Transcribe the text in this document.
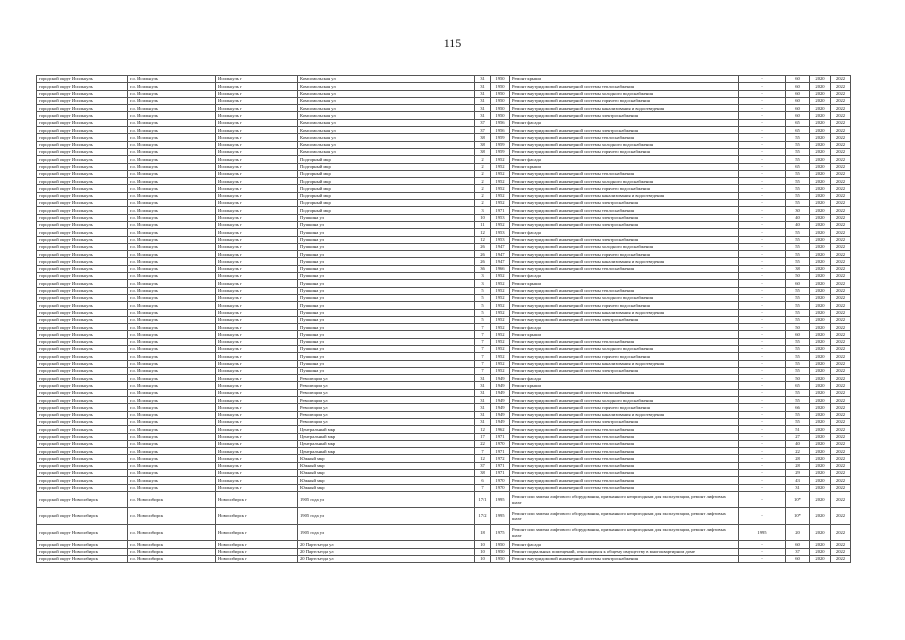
115
городской округ Исилькуль	г.о. Исилькуль	Исилькуль г	Комсомольская ул	31	1950	Ремонт крыши	-	60	2020	2022
городской округ Исилькуль	г.о. Исилькуль	Исилькуль г	Комсомольская ул	31	1950	Ремонт внутридомовой инженерной системы теплоснабжения	-	60	2020	2022
городской округ Исилькуль	г.о. Исилькуль	Исилькуль г	Комсомольская ул	31	1950	Ремонт внутридомовой инженерной системы холодного водоснабжения	-	60	2020	2022
городской округ Исилькуль	г.о. Исилькуль	Исилькуль г	Комсомольская ул	31	1950	Ремонт внутридомовой инженерной системы горячего водоснабжения	-	60	2020	2022
городской округ Исилькуль	г.о. Исилькуль	Исилькуль г	Комсомольская ул	31	1950	Ремонт внутридомовой инженерной системы канализования и водоотведения	-	60	2020	2022
городской округ Исилькуль	г.о. Исилькуль	Исилькуль г	Комсомольская ул	31	1950	Ремонт внутридомовой инженерной системы электроснабжения	-	60	2020	2022
городской округ Исилькуль	г.о. Исилькуль	Исилькуль г	Комсомольская ул	37	1956	Ремонт фасада	-	65	2020	2022
городской округ Исилькуль	г.о. Исилькуль	Исилькуль г	Комсомольская ул	37	1956	Ремонт внутридомовой инженерной системы электроснабжения	-	65	2020	2022
городской округ Исилькуль	г.о. Исилькуль	Исилькуль г	Комсомольская ул	38	1959	Ремонт внутридомовой инженерной системы теплоснабжения	-	55	2020	2022
городской округ Исилькуль	г.о. Исилькуль	Исилькуль г	Комсомольская ул	38	1959	Ремонт внутридомовой инженерной системы холодного водоснабжения	-	55	2020	2022
городской округ Исилькуль	г.о. Исилькуль	Исилькуль г	Комсомольская ул	38	1959	Ремонт внутридомовой инженерной системы горячего водоснабжения	-	55	2020	2022
городской округ Исилькуль	г.о. Исилькуль	Исилькуль г	Подгорный мкр	2	1952	Ремонт фасада	-	55	2020	2022
городской округ Исилькуль	г.о. Исилькуль	Исилькуль г	Подгорный мкр	2	1952	Ремонт крыши	-	65	2020	2022
городской округ Исилькуль	г.о. Исилькуль	Исилькуль г	Подгорный мкр	2	1952	Ремонт внутридомовой инженерной системы теплоснабжения	-	55	2020	2022
городской округ Исилькуль	г.о. Исилькуль	Исилькуль г	Подгорный мкр	2	1952	Ремонт внутридомовой инженерной системы холодного водоснабжения	-	55	2020	2022
городской округ Исилькуль	г.о. Исилькуль	Исилькуль г	Подгорный мкр	2	1952	Ремонт внутридомовой инженерной системы горячего водоснабжения	-	55	2020	2022
городской округ Исилькуль	г.о. Исилькуль	Исилькуль г	Подгорный мкр	2	1952	Ремонт внутридомовой инженерной системы канализования и водоотведения	-	55	2020	2022
городской округ Исилькуль	г.о. Исилькуль	Исилькуль г	Подгорный мкр	2	1952	Ремонт внутридомовой инженерной системы электроснабжения	-	55	2020	2022
городской округ Исилькуль	г.о. Исилькуль	Исилькуль г	Подгорный мкр	3	1971	Ремонт внутридомовой инженерной системы теплоснабжения	-	30	2020	2022
городской округ Исилькуль	г.о. Исилькуль	Исилькуль г	Пушкина ул	10	1953	Ремонт внутридомовой инженерной системы электроснабжения	-	40	2020	2022
городской округ Исилькуль	г.о. Исилькуль	Исилькуль г	Пушкина ул	11	1952	Ремонт внутридомовой инженерной системы электроснабжения	-	40	2020	2022
городской округ Исилькуль	г.о. Исилькуль	Исилькуль г	Пушкина ул	12	1953	Ремонт фасада	-	55	2020	2022
городской округ Исилькуль	г.о. Исилькуль	Исилькуль г	Пушкина ул	12	1953	Ремонт внутридомовой инженерной системы электроснабжения	-	55	2020	2022
городской округ Исилькуль	г.о. Исилькуль	Исилькуль г	Пушкина ул	26	1947	Ремонт внутридомовой инженерной системы холодного водоснабжения	-	55	2020	2022
городской округ Исилькуль	г.о. Исилькуль	Исилькуль г	Пушкина ул	26	1947	Ремонт внутридомовой инженерной системы горячего водоснабжения	-	55	2020	2022
городской округ Исилькуль	г.о. Исилькуль	Исилькуль г	Пушкина ул	26	1947	Ремонт внутридомовой инженерной системы канализования и водоотведения	-	55	2020	2022
городской округ Исилькуль	г.о. Исилькуль	Исилькуль г	Пушкина ул	36	1966	Ремонт внутридомовой инженерной системы теплоснабжения	-	38	2020	2022
городской округ Исилькуль	г.о. Исилькуль	Исилькуль г	Пушкина ул	3	1952	Ремонт фасада	-	50	2020	2022
городской округ Исилькуль	г.о. Исилькуль	Исилькуль г	Пушкина ул	3	1952	Ремонт крыши	-	60	2020	2022
городской округ Исилькуль	г.о. Исилькуль	Исилькуль г	Пушкина ул	5	1952	Ремонт внутридомовой инженерной системы теплоснабжения	-	55	2020	2022
городской округ Исилькуль	г.о. Исилькуль	Исилькуль г	Пушкина ул	5	1952	Ремонт внутридомовой инженерной системы холодного водоснабжения	-	55	2020	2022
городской округ Исилькуль	г.о. Исилькуль	Исилькуль г	Пушкина ул	5	1952	Ремонт внутридомовой инженерной системы горячего водоснабжения	-	55	2020	2022
городской округ Исилькуль	г.о. Исилькуль	Исилькуль г	Пушкина ул	5	1952	Ремонт внутридомовой инженерной системы канализования и водоотведения	-	55	2020	2022
городской округ Исилькуль	г.о. Исилькуль	Исилькуль г	Пушкина ул	5	1952	Ремонт внутридомовой инженерной системы электроснабжения	-	55	2020	2022
городской округ Исилькуль	г.о. Исилькуль	Исилькуль г	Пушкина ул	7	1952	Ремонт фасада	-	50	2020	2022
городской округ Исилькуль	г.о. Исилькуль	Исилькуль г	Пушкина ул	7	1952	Ремонт крыши	-	60	2020	2022
городской округ Исилькуль	г.о. Исилькуль	Исилькуль г	Пушкина ул	7	1952	Ремонт внутридомовой инженерной системы теплоснабжения	-	55	2020	2022
городской округ Исилькуль	г.о. Исилькуль	Исилькуль г	Пушкина ул	7	1952	Ремонт внутридомовой инженерной системы холодного водоснабжения	-	55	2020	2022
городской округ Исилькуль	г.о. Исилькуль	Исилькуль г	Пушкина ул	7	1952	Ремонт внутридомовой инженерной системы горячего водоснабжения	-	55	2020	2022
городской округ Исилькуль	г.о. Исилькуль	Исилькуль г	Пушкина ул	7	1952	Ремонт внутридомовой инженерной системы канализования и водоотведения	-	55	2020	2022
городской округ Исилькуль	г.о. Исилькуль	Исилькуль г	Пушкина ул	7	1952	Ремонт внутридомовой инженерной системы электроснабжения	-	55	2020	2022
городской округ Исилькуль	г.о. Исилькуль	Исилькуль г	Революции ул	31	1949	Ремонт фасада	-	50	2020	2022
городской округ Исилькуль	г.о. Исилькуль	Исилькуль г	Революции ул	31	1949	Ремонт крыши	-	65	2020	2022
городской округ Исилькуль	г.о. Исилькуль	Исилькуль г	Революции ул	31	1949	Ремонт внутридомовой инженерной системы теплоснабжения	-	55	2020	2022
городской округ Исилькуль	г.о. Исилькуль	Исилькуль г	Революции ул	31	1949	Ремонт внутридомовой инженерной системы холодного водоснабжения	-	55	2020	2022
городской округ Исилькуль	г.о. Исилькуль	Исилькуль г	Революции ул	31	1949	Ремонт внутридомовой инженерной системы горячего водоснабжения	-	66	2020	2022
городской округ Исилькуль	г.о. Исилькуль	Исилькуль г	Революции ул	31	1949	Ремонт внутридомовой инженерной системы канализования и водоотведения	-	55	2020	2022
городской округ Исилькуль	г.о. Исилькуль	Исилькуль г	Революции ул	31	1949	Ремонт внутридомовой инженерной системы электроснабжения	-	55	2020	2022
городской округ Исилькуль	г.о. Исилькуль	Исилькуль г	Центральный мкр	12	1962	Ремонт внутридомовой инженерной системы теплоснабжения	-	51	2020	2022
городской округ Исилькуль	г.о. Исилькуль	Исилькуль г	Центральный мкр	17	1971	Ремонт внутридомовой инженерной системы теплоснабжения	-	27	2020	2022
городской округ Исилькуль	г.о. Исилькуль	Исилькуль г	Центральный мкр	22	1970	Ремонт внутридомовой инженерной системы теплоснабжения	-	40	2020	2022
городской округ Исилькуль	г.о. Исилькуль	Исилькуль г	Центральный мкр	7	1971	Ремонт внутридомовой инженерной системы теплоснабжения	-	22	2020	2022
городской округ Исилькуль	г.о. Исилькуль	Исилькуль г	Южный мкр	12	1972	Ремонт внутридомовой инженерной системы теплоснабжения	-	28	2020	2022
городской округ Исилькуль	г.о. Исилькуль	Исилькуль г	Южный мкр	37	1971	Ремонт внутридомовой инженерной системы теплоснабжения	-	28	2020	2022
городской округ Исилькуль	г.о. Исилькуль	Исилькуль г	Южный мкр	38	1971	Ремонт внутридомовой инженерной системы теплоснабжения	-	29	2020	2022
городской округ Исилькуль	г.о. Исилькуль	Исилькуль г	Южный мкр	6	1970	Ремонт внутридомовой инженерной системы теплоснабжения	-	43	2020	2022
городской округ Исилькуль	г.о. Исилькуль	Исилькуль г	Южный мкр	7	1970	Ремонт внутридомовой инженерной системы теплоснабжения	-	31	2020	2022
городской округ Новосибирск	г.о. Новосибирск	Новосибирск г	1905 года ул	17/1	1995	Ремонт или замена лифтового оборудования, признанного непригодным для эксплуатации, ремонт лифтовых шахт	-	10*	2020	2022
городской округ Новосибирск	г.о. Новосибирск	Новосибирск г	1905 года ул	17/2	1995	Ремонт или замена лифтового оборудования, признанного непригодным для эксплуатации, ремонт лифтовых шахт	-	10*	2020	2022
городской округ Новосибирск	г.о. Новосибирск	Новосибирск г	1905 года ул	18	1975	Ремонт или замена лифтового оборудования, признанного непригодным для эксплуатации, ремонт лифтовых шахт	1995	20	2020	2022
городской округ Новосибирск	г.о. Новосибирск	Новосибирск г	20 Партсъезда ул	10	1950	Ремонт фасада	-	60	2020	2022
городской округ Новосибирск	г.о. Новосибирск	Новосибирск г	20 Партсъезда ул	10	1950	Ремонт подвальных помещений, относящихся к общему имуществу в многоквартирном доме	-	37	2020	2022
городской округ Новосибирск	г.о. Новосибирск	Новосибирск г	20 Партсъезда ул	10	1950	Ремонт внутридомовой инженерной системы электроснабжения	-	60	2020	2022
